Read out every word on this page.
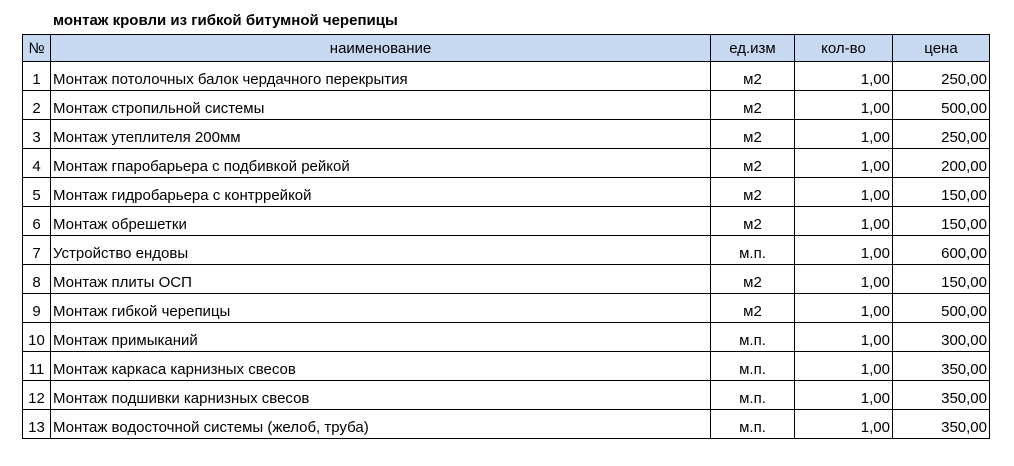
монтаж кровли из гибкой битумной черепицы
№	наименование	ед.изм	кол-во	цена
1	Монтаж потолочных балок чердачного перекрытия	м2	1,00	250,00
2	Монтаж стропильной системы	м2	1,00	500,00
3	Монтаж утеплителя 200мм	м2	1,00	250,00
4	Монтаж гпаробарьера с подбивкой рейкой	м2	1,00	200,00
5	Монтаж гидробарьера с контррейкой	м2	1,00	150,00
6	Монтаж обрешетки	м2	1,00	150,00
7	Устройство ендовы	м.п.	1,00	600,00
8	Монтаж плиты ОСП	м2	1,00	150,00
9	Монтаж гибкой черепицы	м2	1,00	500,00
10	Монтаж примыканий	м.п.	1,00	300,00
11	Монтаж каркаса карнизных свесов	м.п.	1,00	350,00
12	Монтаж подшивки карнизных свесов	м.п.	1,00	350,00
13	Монтаж водосточной системы (желоб, труба)	м.п.	1,00	350,00
